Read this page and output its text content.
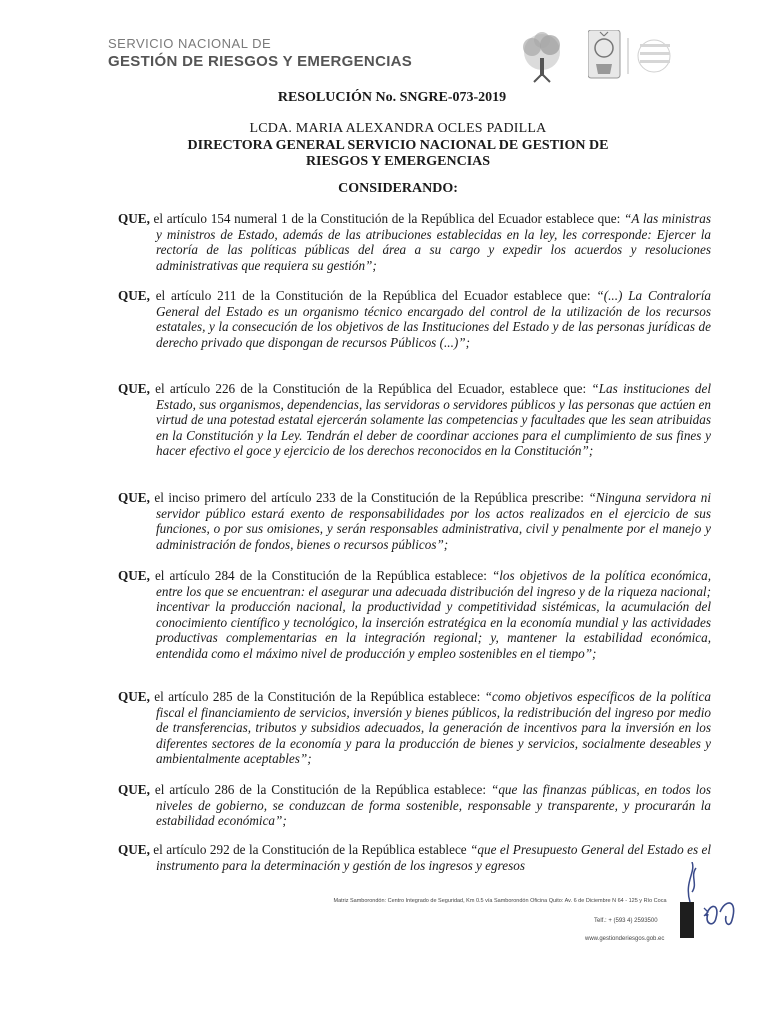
SERVICIO NACIONAL DE
GESTIÓN DE RIESGOS Y EMERGENCIAS
RESOLUCIÓN No. SNGRE-073-2019
LCDA. MARIA ALEXANDRA OCLES PADILLA
DIRECTORA GENERAL SERVICIO NACIONAL DE GESTION DE
RIESGOS Y EMERGENCIAS
CONSIDERANDO:
QUE, el artículo 154 numeral 1 de la Constitución de la República del Ecuador establece que: “A las ministras y ministros de Estado, además de las atribuciones establecidas en la ley, les corresponde: Ejercer la rectoría de las políticas públicas del área a su cargo y expedir los acuerdos y resoluciones administrativas que requiera su gestión”;
QUE, el artículo 211 de la Constitución de la República del Ecuador establece que: “(...) La Contraloría General del Estado es un organismo técnico encargado del control de la utilización de los recursos estatales, y la consecución de los objetivos de las Instituciones del Estado y de las personas jurídicas de derecho privado que dispongan de recursos Públicos (...)”;
QUE, el artículo 226 de la Constitución de la República del Ecuador, establece que: “Las instituciones del Estado, sus organismos, dependencias, las servidoras o servidores públicos y las personas que actúen en virtud de una potestad estatal ejercerán solamente las competencias y facultades que les sean atribuidas en la Constitución y la Ley. Tendrán el deber de coordinar acciones para el cumplimiento de sus fines y hacer efectivo el goce y ejercicio de los derechos reconocidos en la Constitución”;
QUE, el inciso primero del artículo 233 de la Constitución de la República prescribe: “Ninguna servidora ni servidor público estará exento de responsabilidades por los actos realizados en el ejercicio de sus funciones, o por sus omisiones, y serán responsables administrativa, civil y penalmente por el manejo y administración de fondos, bienes o recursos públicos”;
QUE, el artículo 284 de la Constitución de la República establece: “los objetivos de la política económica, entre los que se encuentran: el asegurar una adecuada distribución del ingreso y de la riqueza nacional; incentivar la producción nacional, la productividad y competitividad sistémicas, la acumulación del conocimiento científico y tecnológico, la inserción estratégica en la economía mundial y las actividades productivas complementarias en la integración regional; y, mantener la estabilidad económica, entendida como el máximo nivel de producción y empleo sostenibles en el tiempo”;
QUE, el artículo 285 de la Constitución de la República establece: “como objetivos específicos de la política fiscal el financiamiento de servicios, inversión y bienes públicos, la redistribución del ingreso por medio de transferencias, tributos y subsidios adecuados, la generación de incentivos para la inversión en los diferentes sectores de la economía y para la producción de bienes y servicios, socialmente deseables y ambientalmente aceptables”;
QUE, el artículo 286 de la Constitución de la República establece: “que las finanzas públicas, en todos los niveles de gobierno, se conduzcan de forma sostenible, responsable y transparente, y procurarán la estabilidad económica”;
QUE, el artículo 292 de la Constitución de la República establece “que el Presupuesto General del Estado es el instrumento para la determinación y gestión de los ingresos y egresos
Matriz Samborondón: Centro Integrado de Seguridad, Km 0.5 vía Samborondón Oficina Quito: Av. 6 de Diciembre N 64 - 125 y Río Coca
Telf.: + (593 4) 2593500
www.gestionderiesgos.gob.ec
